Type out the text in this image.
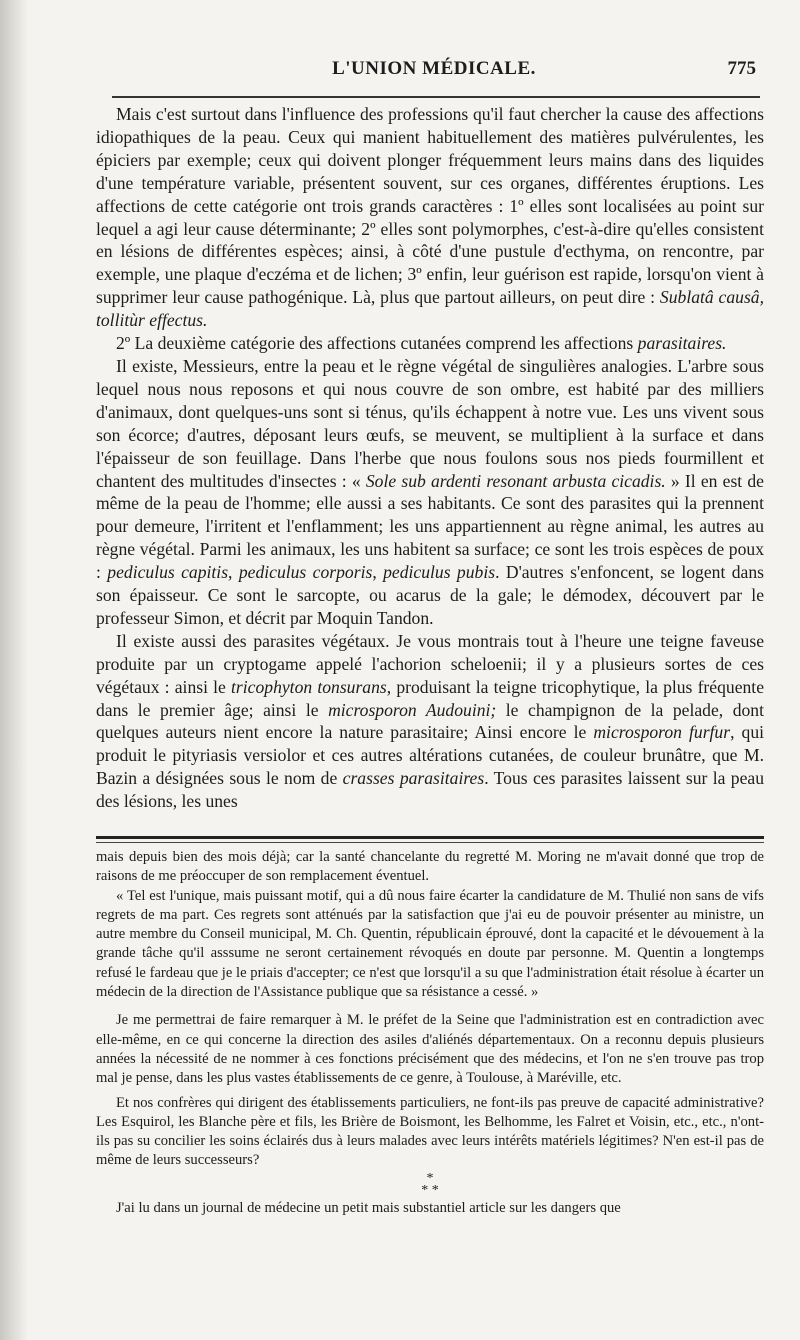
L'UNION MÉDICALE.	775

Mais c'est surtout dans l'influence des professions qu'il faut chercher la cause des affections idiopathiques de la peau. Ceux qui manient habituellement des matières pulvérulentes, les épiciers par exemple; ceux qui doivent plonger fréquemment leurs mains dans des liquides d'une température variable, présentent souvent, sur ces organes, différentes éruptions. Les affections de cette catégorie ont trois grands caractères : 1º elles sont localisées au point sur lequel a agi leur cause déterminante; 2º elles sont polymorphes, c'est-à-dire qu'elles consistent en lésions de différentes espèces; ainsi, à côté d'une pustule d'ecthyma, on rencontre, par exemple, une plaque d'eczéma et de lichen; 3º enfin, leur guérison est rapide, lorsqu'on vient à supprimer leur cause pathogénique. Là, plus que partout ailleurs, on peut dire : Sublatâ causâ, tollitùr effectus.

2º La deuxième catégorie des affections cutanées comprend les affections parasitaires.

Il existe, Messieurs, entre la peau et le règne végétal de singulières analogies. L'arbre sous lequel nous nous reposons et qui nous couvre de son ombre, est habité par des milliers d'animaux, dont quelques-uns sont si ténus, qu'ils échappent à notre vue. Les uns vivent sous son écorce; d'autres, déposant leurs œufs, se meuvent, se multiplient à la surface et dans l'épaisseur de son feuillage. Dans l'herbe que nous foulons sous nos pieds fourmillent et chantent des multitudes d'insectes : « Sole sub ardenti resonant arbusta cicadis. » Il en est de même de la peau de l'homme; elle aussi a ses habitants. Ce sont des parasites qui la prennent pour demeure, l'irritent et l'enflamment; les uns appartiennent au règne animal, les autres au règne végétal. Parmi les animaux, les uns habitent sa surface; ce sont les trois espèces de poux : pediculus capitis, pediculus corporis, pediculus pubis. D'autres s'enfoncent, se logent dans son épaisseur. Ce sont le sarcopte, ou acarus de la gale; le démodex, découvert par le professeur Simon, et décrit par Moquin Tandon.

Il existe aussi des parasites végétaux. Je vous montrais tout à l'heure une teigne faveuse produite par un cryptogame appelé l'achorion scheloenii; il y a plusieurs sortes de ces végétaux : ainsi le tricophyton tonsurans, produisant la teigne tricophytique, la plus fréquente dans le premier âge; ainsi le microsporon Audouini; le champignon de la pelade, dont quelques auteurs nient encore la nature parasitaire; Ainsi encore le microsporon furfur, qui produit le pityriasis versiolor et ces autres altérations cutanées, de couleur brunâtre, que M. Bazin a désignées sous le nom de crasses parasitaires. Tous ces parasites laissent sur la peau des lésions, les unes

mais depuis bien des mois déjà; car la santé chancelante du regretté M. Moring ne m'avait donné que trop de raisons de me préoccuper de son remplacement éventuel.

« Tel est l'unique, mais puissant motif, qui a dû nous faire écarter la candidature de M. Thulié non sans de vifs regrets de ma part. Ces regrets sont atténués par la satisfaction que j'ai eu de pouvoir présenter au ministre, un autre membre du Conseil municipal, M. Ch. Quentin, républicain éprouvé, dont la capacité et le dévouement à la grande tâche qu'il asssume ne seront certainement révoqués en doute par personne. M. Quentin a longtemps refusé le fardeau que je le priais d'accepter; ce n'est que lorsqu'il a su que l'administration était résolue à écarter un médecin de la direction de l'Assistance publique que sa résistance a cessé. »

Je me permettrai de faire remarquer à M. le préfet de la Seine que l'administration est en contradiction avec elle-même, en ce qui concerne la direction des asiles d'aliénés départementaux. On a reconnu depuis plusieurs années la nécessité de ne nommer à ces fonctions précisément que des médecins, et l'on ne s'en trouve pas trop mal je pense, dans les plus vastes établissements de ce genre, à Toulouse, à Maréville, etc.

Et nos confrères qui dirigent des établissements particuliers, ne font-ils pas preuve de capacité administrative? Les Esquirol, les Blanche père et fils, les Brière de Boismont, les Belhomme, les Falret et Voisin, etc., etc., n'ont-ils pas su concilier les soins éclairés dus à leurs malades avec leurs intérêts matériels légitimes? N'en est-il pas de même de leurs successeurs?

*
* *

J'ai lu dans un journal de médecine un petit mais substantiel article sur les dangers que
